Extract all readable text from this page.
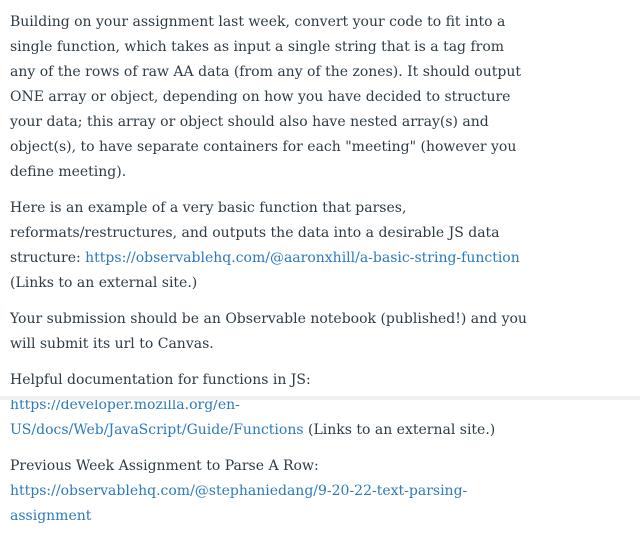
Building on your assignment last week, convert your code to fit into a single function, which takes as input a single string that is a tag from any of the rows of raw AA data (from any of the zones). It should output ONE array or object, depending on how you have decided to structure your data; this array or object should also have nested array(s) and object(s), to have separate containers for each "meeting" (however you define meeting).

Here is an example of a very basic function that parses, reformats/restructures, and outputs the data into a desirable JS data structure: https://observablehq.com/@aaronxhill/a-basic-string-function (Links to an external site.)

Your submission should be an Observable notebook (published!) and you will submit its url to Canvas.

Helpful documentation for functions in JS: https://developer.mozilla.org/en-US/docs/Web/JavaScript/Guide/Functions (Links to an external site.)

Previous Week Assignment to Parse A Row:
https://observablehq.com/@stephaniedang/9-20-22-text-parsing-assignment
